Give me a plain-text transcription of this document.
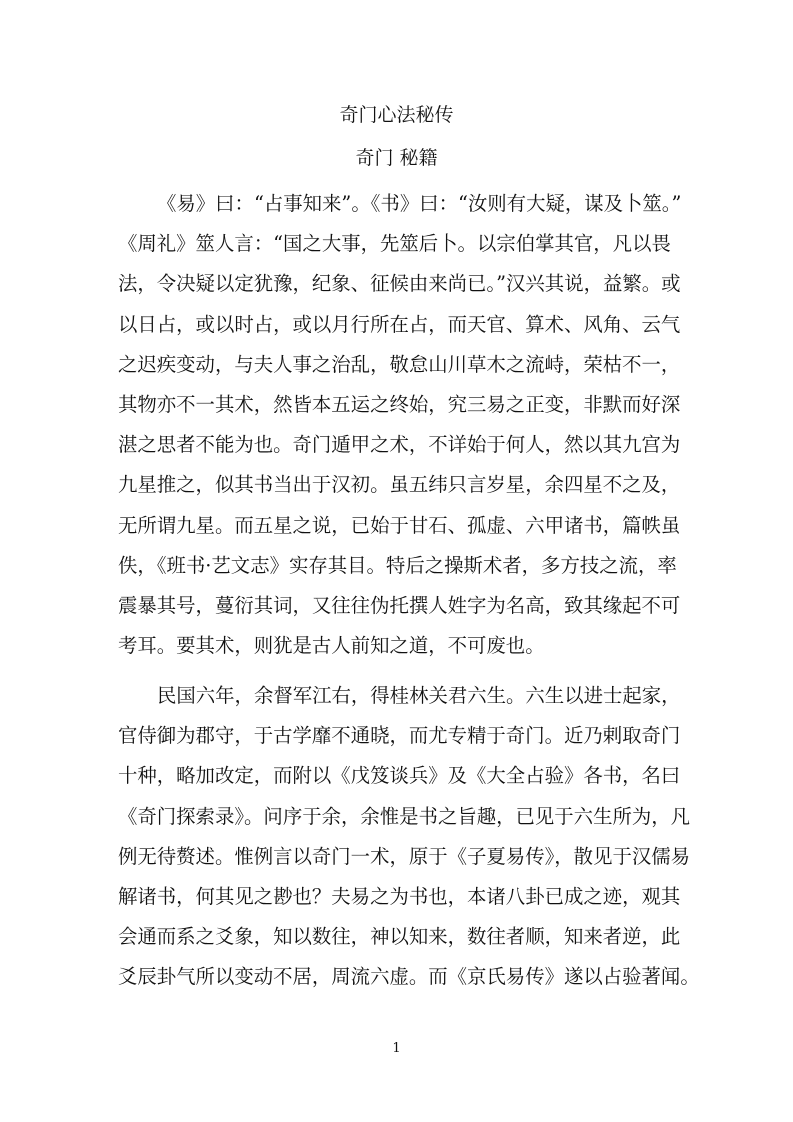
奇门心法秘传
奇门 秘籍
《易》曰：“占事知来”。《书》曰：“汝则有大疑，谋及卜筮。”
《周礼》筮人言：“国之大事，先筮后卜。以宗伯掌其官，凡以畏
法，令决疑以定犹豫，纪象、征候由来尚已。”汉兴其说，益繁。或
以日占，或以时占，或以月行所在占，而天官、算术、风角、云气
之迟疾变动，与夫人事之治乱，敬怠山川草木之流峙，荣枯不一，
其物亦不一其术，然皆本五运之终始，究三易之正变，非默而好深
湛之思者不能为也。奇门遁甲之术，不详始于何人，然以其九宫为
九星推之，似其书当出于汉初。虽五纬只言岁星，余四星不之及，
无所谓九星。而五星之说，已始于甘石、孤虚、六甲诸书，篇帙虽
佚，《班书·艺文志》实存其目。特后之操斯术者，多方技之流，率
震暴其号，蔓衍其词，又往往伪托撰人姓字为名高，致其缘起不可
考耳。要其术，则犹是古人前知之道，不可废也。
民国六年，余督军江右，得桂林关君六生。六生以进士起家，
官侍御为郡守，于古学靡不通晓，而尤专精于奇门。近乃剌取奇门
十种，略加改定，而附以《戊笈谈兵》及《大全占验》各书，名曰
《奇门探索录》。问序于余，余惟是书之旨趣，已见于六生所为，凡
例无待赘述。惟例言以奇门一术，原于《子夏易传》，散见于汉儒易
解诸书，何其见之尠也？夫易之为书也，本诸八卦已成之迹，观其
会通而系之爻象，知以数往，神以知来，数往者顺，知来者逆，此
爻辰卦气所以变动不居，周流六虚。而《京氏易传》遂以占验著闻。
1
